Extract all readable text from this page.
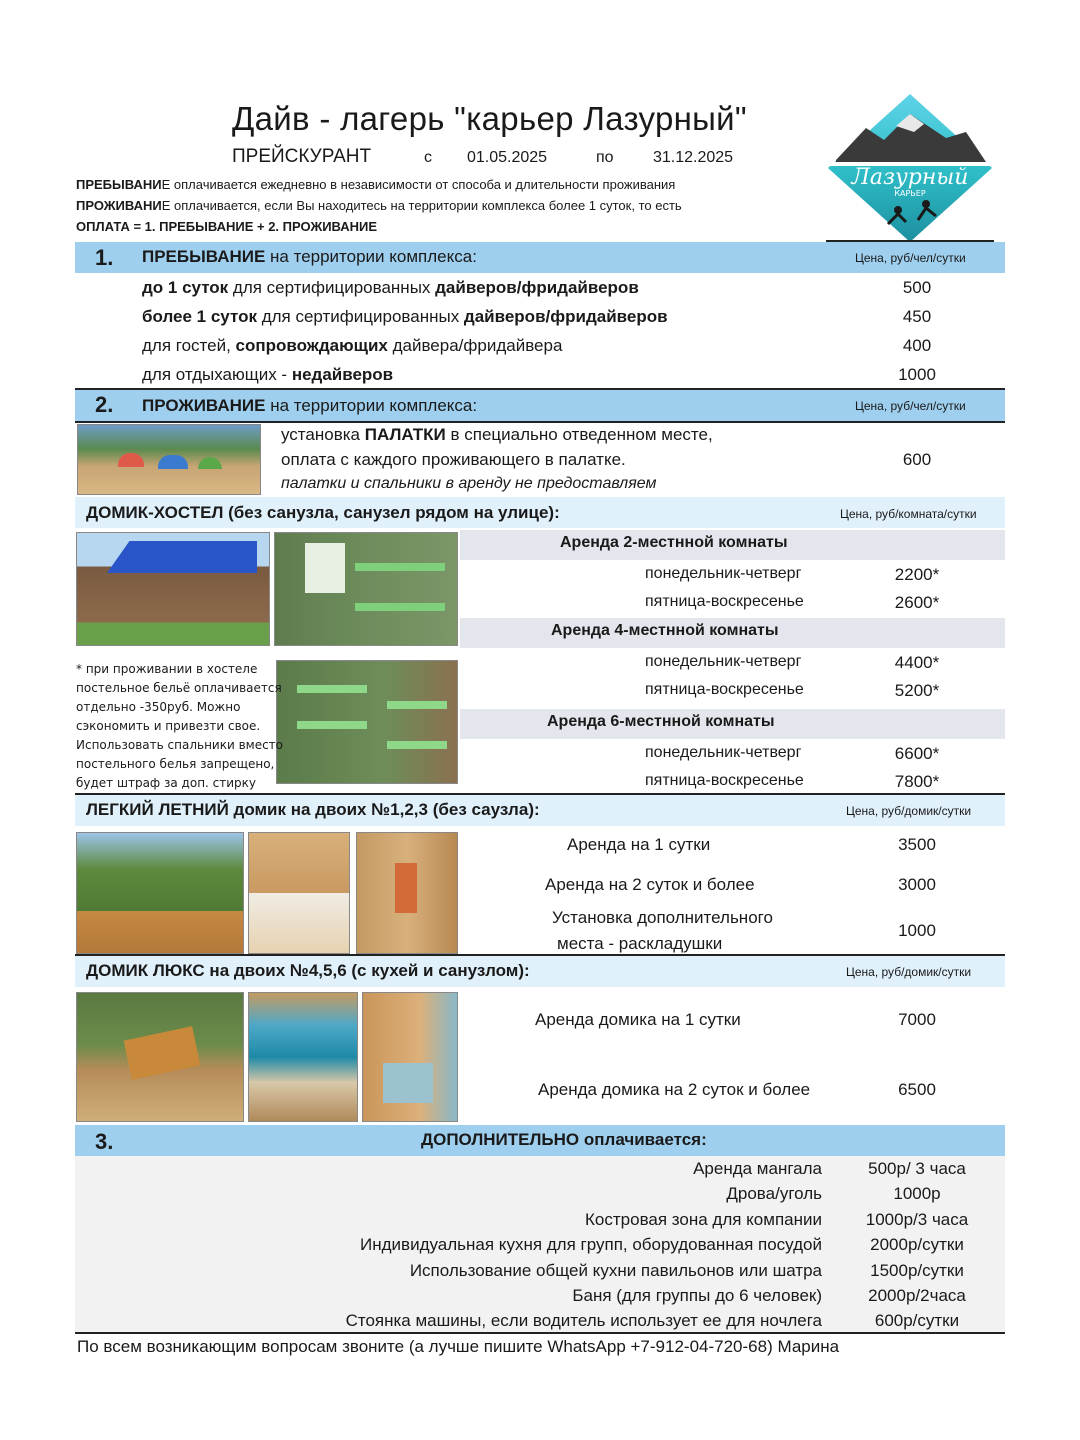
Дайв - лагерь "карьер Лазурный"
ПРЕЙСКУРАНТ	с 01.05.2025	по 31.12.2025
ПРЕБЫВАНИЕ оплачивается ежедневно в независимости от способа и длительности проживания
ПРОЖИВАНИЕ оплачивается, если Вы находитесь на территории комплекса более 1 суток, то есть
ОПЛАТА = 1. ПРЕБЫВАНИЕ + 2. ПРОЖИВАНИЕ
Лазурный
КАРЬЕР
1. ПРЕБЫВАНИЕ на территории комплекса:	Цена, руб/чел/сутки
до 1 суток для сертифицированных дайверов/фридайверов	500
более 1 суток для сертифицированных дайверов/фридайверов	450
для гостей, сопровождающих дайвера/фридайвера	400
для отдыхающих - недайверов	1000
2. ПРОЖИВАНИЕ на территории комплекса:	Цена, руб/чел/сутки
установка ПАЛАТКИ в специально отведенном месте,
оплата с каждого проживающего в палатке.
палатки и спальники в аренду не предоставляем
600
ДОМИК-ХОСТЕЛ (без санузла, санузел рядом на улице):	Цена, руб/комната/сутки
* при проживании в хостеле
постельное бельё оплачивается
отдельно -350руб. Можно
сэкономить и привезти свое.
Использовать спальники вместо
постельного белья запрещено,
будет штраф за доп. стирку
Аренда 2-местнной комнаты
понедельник-четверг	2200*
пятница-воскресенье	2600*
Аренда 4-местнной комнаты
понедельник-четверг	4400*
пятница-воскресенье	5200*
Аренда 6-местнной комнаты
понедельник-четверг	6600*
пятница-воскресенье	7800*
ЛЕГКИЙ ЛЕТНИЙ домик на двоих №1,2,3 (без саузла):	Цена, руб/домик/сутки
Аренда на 1 сутки	3500
Аренда на 2 суток и более	3000
Установка дополнительного
места - раскладушки
1000
ДОМИК ЛЮКС на двоих №4,5,6 (с кухей и санузлом):	Цена, руб/домик/сутки
Аренда домика на 1 сутки	7000
Аренда домика на 2 суток и более	6500
3.	ДОПОЛНИТЕЛЬНО оплачивается:
Аренда мангала	500р/ 3 часа
Дрова/уголь	1000р
Костровая зона для компании	1000р/3 часа
Индивидуальная кухня для групп, оборудованная посудой	2000р/сутки
Использование общей кухни павильонов или шатра	1500р/сутки
Баня (для группы до 6 человек)	2000р/2часа
Стоянка машины, если водитель использует ее для ночлега	600р/сутки
По всем возникающим вопросам звоните (а лучше пишите WhatsApp +7-912-04-720-68) Марина
